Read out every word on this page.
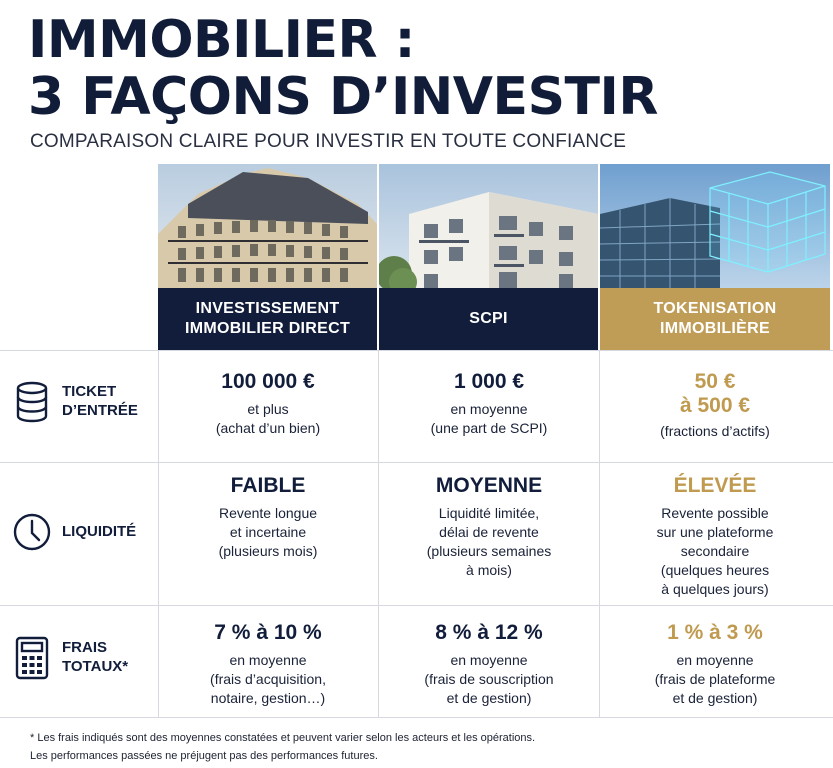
IMMOBILIER :
3 FAÇONS D’INVESTIR
COMPARAISON CLAIRE POUR INVESTIR EN TOUTE CONFIANCE
INVESTISSEMENT
IMMOBILIER DIRECT
SCPI
TOKENISATION
IMMOBILIÈRE
TICKET
D’ENTRÉE
100 000 €
et plus
(achat d’un bien)
1 000 €
en moyenne
(une part de SCPI)
50 €
à 500 €
(fractions d’actifs)
LIQUIDITÉ
FAIBLE
Revente longue
et incertaine
(plusieurs mois)
MOYENNE
Liquidité limitée,
délai de revente
(plusieurs semaines
à mois)
ÉLEVÉE
Revente possible
sur une plateforme
secondaire
(quelques heures
à quelques jours)
FRAIS
TOTAUX*
7 % à 10 %
en moyenne
(frais d’acquisition,
notaire, gestion…)
8 % à 12 %
en moyenne
(frais de souscription
et de gestion)
1 % à 3 %
en moyenne
(frais de plateforme
et de gestion)
* Les frais indiqués sont des moyennes constatées et peuvent varier selon les acteurs et les opérations.
Les performances passées ne préjugent pas des performances futures.
